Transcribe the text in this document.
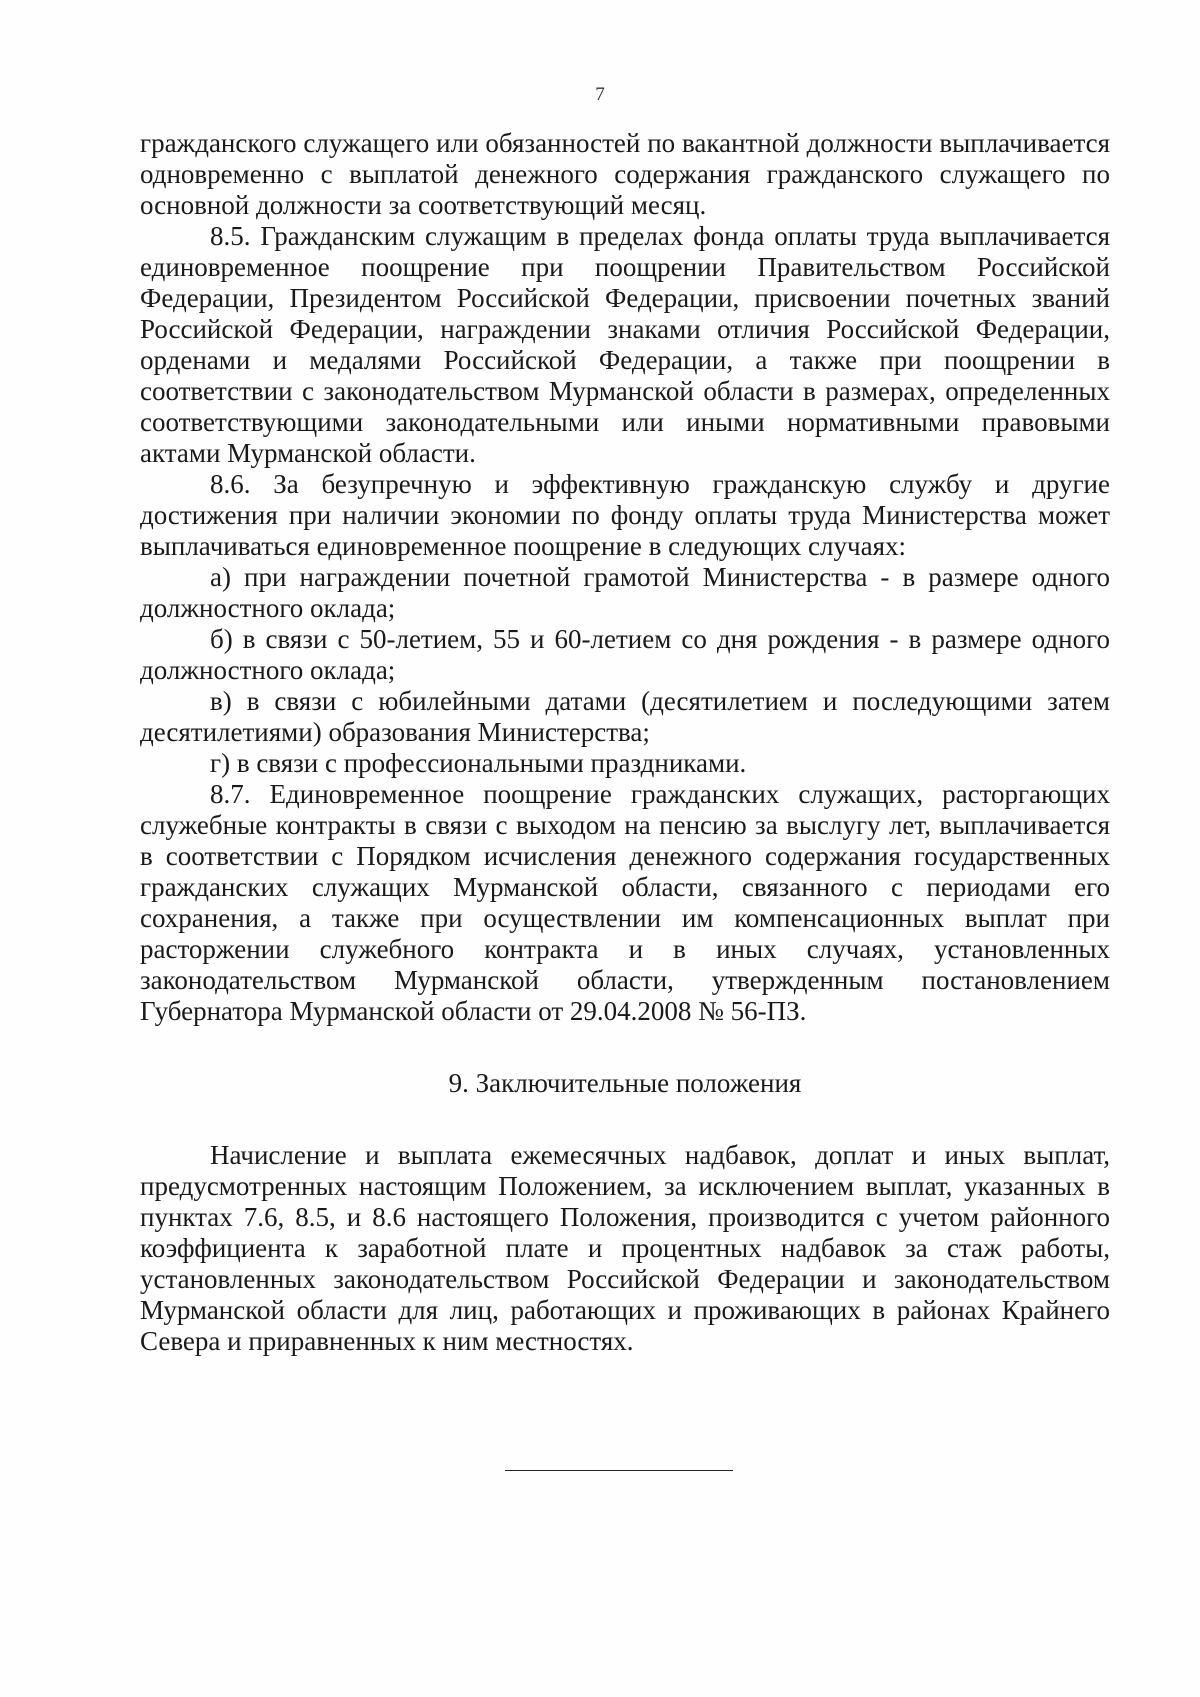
7

гражданского служащего или обязанностей по вакантной должности выплачивается одновременно с выплатой денежного содержания гражданского служащего по основной должности за соответствующий месяц.

8.5. Гражданским служащим в пределах фонда оплаты труда выплачивается единовременное поощрение при поощрении Правительством Российской Федерации, Президентом Российской Федерации, присвоении почетных званий Российской Федерации, награждении знаками отличия Российской Федерации, орденами и медалями Российской Федерации, а также при поощрении в соответствии с законодательством Мурманской области в размерах, определенных соответствующими законодательными или иными нормативными правовыми актами Мурманской области.

8.6. За безупречную и эффективную гражданскую службу и другие достижения при наличии экономии по фонду оплаты труда Министерства может выплачиваться единовременное поощрение в следующих случаях:

а) при награждении почетной грамотой Министерства - в размере одного должностного оклада;

б) в связи с 50-летием, 55 и 60-летием со дня рождения - в размере одного должностного оклада;

в) в связи с юбилейными датами (десятилетием и последующими затем десятилетиями) образования Министерства;

г) в связи с профессиональными праздниками.

8.7. Единовременное поощрение гражданских служащих, расторгающих служебные контракты в связи с выходом на пенсию за выслугу лет, выплачивается в соответствии с Порядком исчисления денежного содержания государственных гражданских служащих Мурманской области, связанного с периодами его сохранения, а также при осуществлении им компенсационных выплат при расторжении служебного контракта и в иных случаях, установленных законодательством Мурманской области, утвержденным постановлением Губернатора Мурманской области от 29.04.2008 № 56-ПЗ.

9. Заключительные положения

Начисление и выплата ежемесячных надбавок, доплат и иных выплат, предусмотренных настоящим Положением, за исключением выплат, указанных в пунктах 7.6, 8.5, и 8.6 настоящего Положения, производится с учетом районного коэффициента к заработной плате и процентных надбавок за стаж работы, установленных законодательством Российской Федерации и законодательством Мурманской области для лиц, работающих и проживающих в районах Крайнего Севера и приравненных к ним местностях.
